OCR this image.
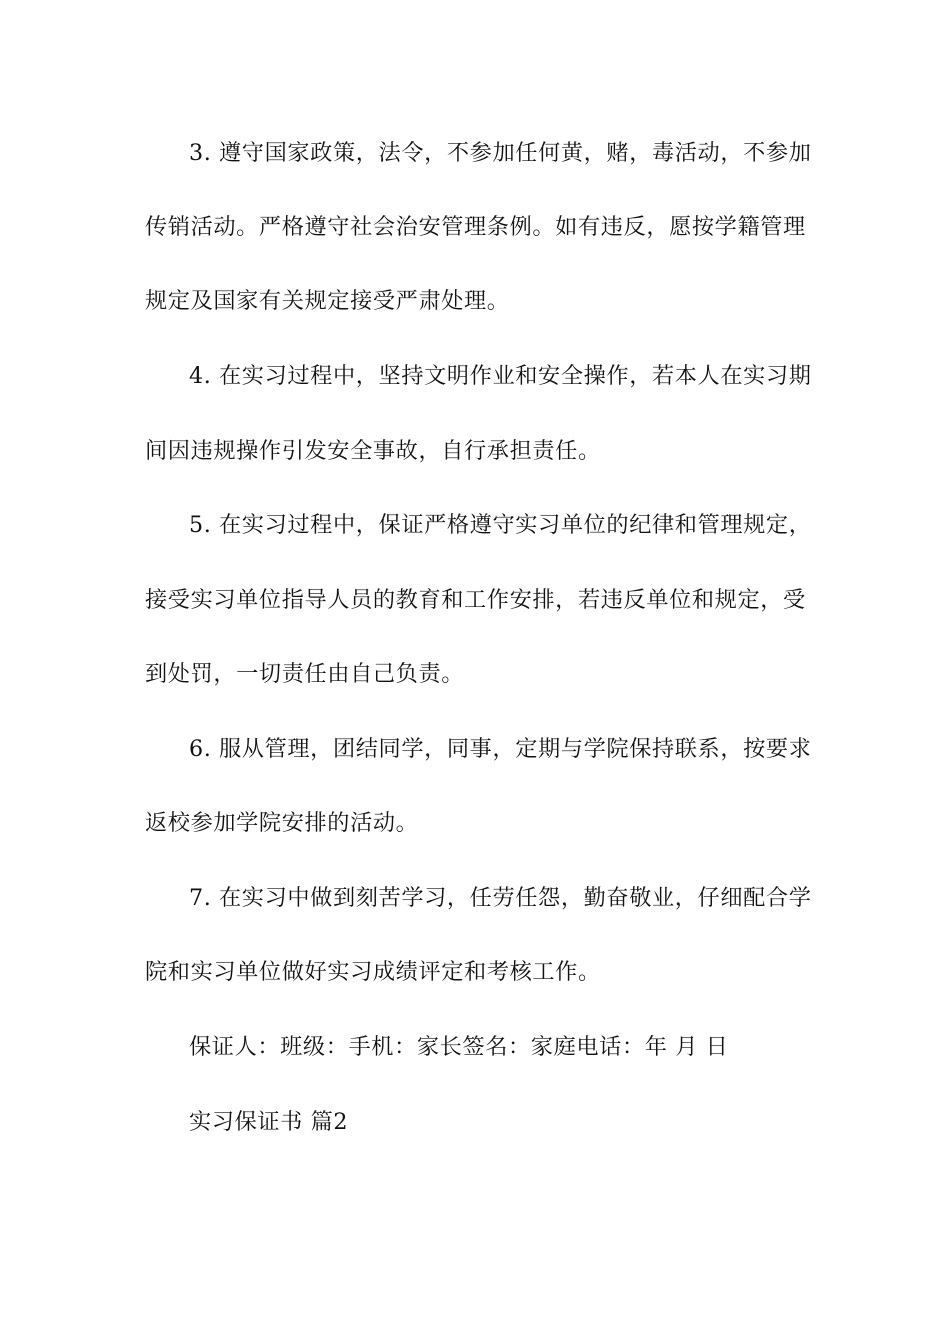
3. 遵守国家政策，法令，不参加任何黄，赌，毒活动，不参加
传销活动。严格遵守社会治安管理条例。如有违反，愿按学籍管理
规定及国家有关规定接受严肃处理。
4. 在实习过程中，坚持文明作业和安全操作，若本人在实习期
间因违规操作引发安全事故，自行承担责任。
5. 在实习过程中，保证严格遵守实习单位的纪律和管理规定，
接受实习单位指导人员的教育和工作安排，若违反单位和规定，受
到处罚，一切责任由自己负责。
6. 服从管理，团结同学，同事，定期与学院保持联系，按要求
返校参加学院安排的活动。
7. 在实习中做到刻苦学习，任劳任怨，勤奋敬业，仔细配合学
院和实习单位做好实习成绩评定和考核工作。
保证人：班级：手机：家长签名：家庭电话：年 月 日
实习保证书 篇2
